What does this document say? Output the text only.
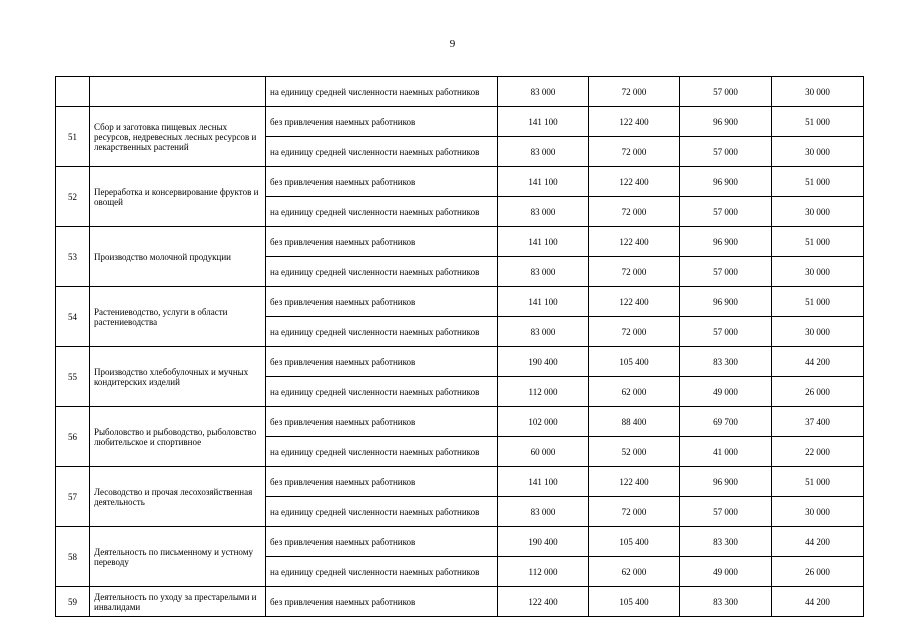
9
		на единицу средней численности наемных работников	83 000	72 000	57 000	30 000
51	Сбор и заготовка пищевых лесных ресурсов, недревесных лесных ресурсов и лекарственных растений	без привлечения наемных работников	141 100	122 400	96 900	51 000
		на единицу средней численности наемных работников	83 000	72 000	57 000	30 000
52	Переработка и консервирование фруктов и овощей	без привлечения наемных работников	141 100	122 400	96 900	51 000
		на единицу средней численности наемных работников	83 000	72 000	57 000	30 000
53	Производство молочной продукции	без привлечения наемных работников	141 100	122 400	96 900	51 000
		на единицу средней численности наемных работников	83 000	72 000	57 000	30 000
54	Растениеводство, услуги в области растениеводства	без привлечения наемных работников	141 100	122 400	96 900	51 000
		на единицу средней численности наемных работников	83 000	72 000	57 000	30 000
55	Производство хлебобулочных и мучных кондитерских изделий	без привлечения наемных работников	190 400	105 400	83 300	44 200
		на единицу средней численности наемных работников	112 000	62 000	49 000	26 000
56	Рыболовство и рыбоводство, рыболовство любительское и спортивное	без привлечения наемных работников	102 000	88 400	69 700	37 400
		на единицу средней численности наемных работников	60 000	52 000	41 000	22 000
57	Лесоводство и прочая лесохозяйственная деятельность	без привлечения наемных работников	141 100	122 400	96 900	51 000
		на единицу средней численности наемных работников	83 000	72 000	57 000	30 000
58	Деятельность по письменному и устному переводу	без привлечения наемных работников	190 400	105 400	83 300	44 200
		на единицу средней численности наемных работников	112 000	62 000	49 000	26 000
59	Деятельность по уходу за престарелыми и инвалидами	без привлечения наемных работников	122 400	105 400	83 300	44 200
